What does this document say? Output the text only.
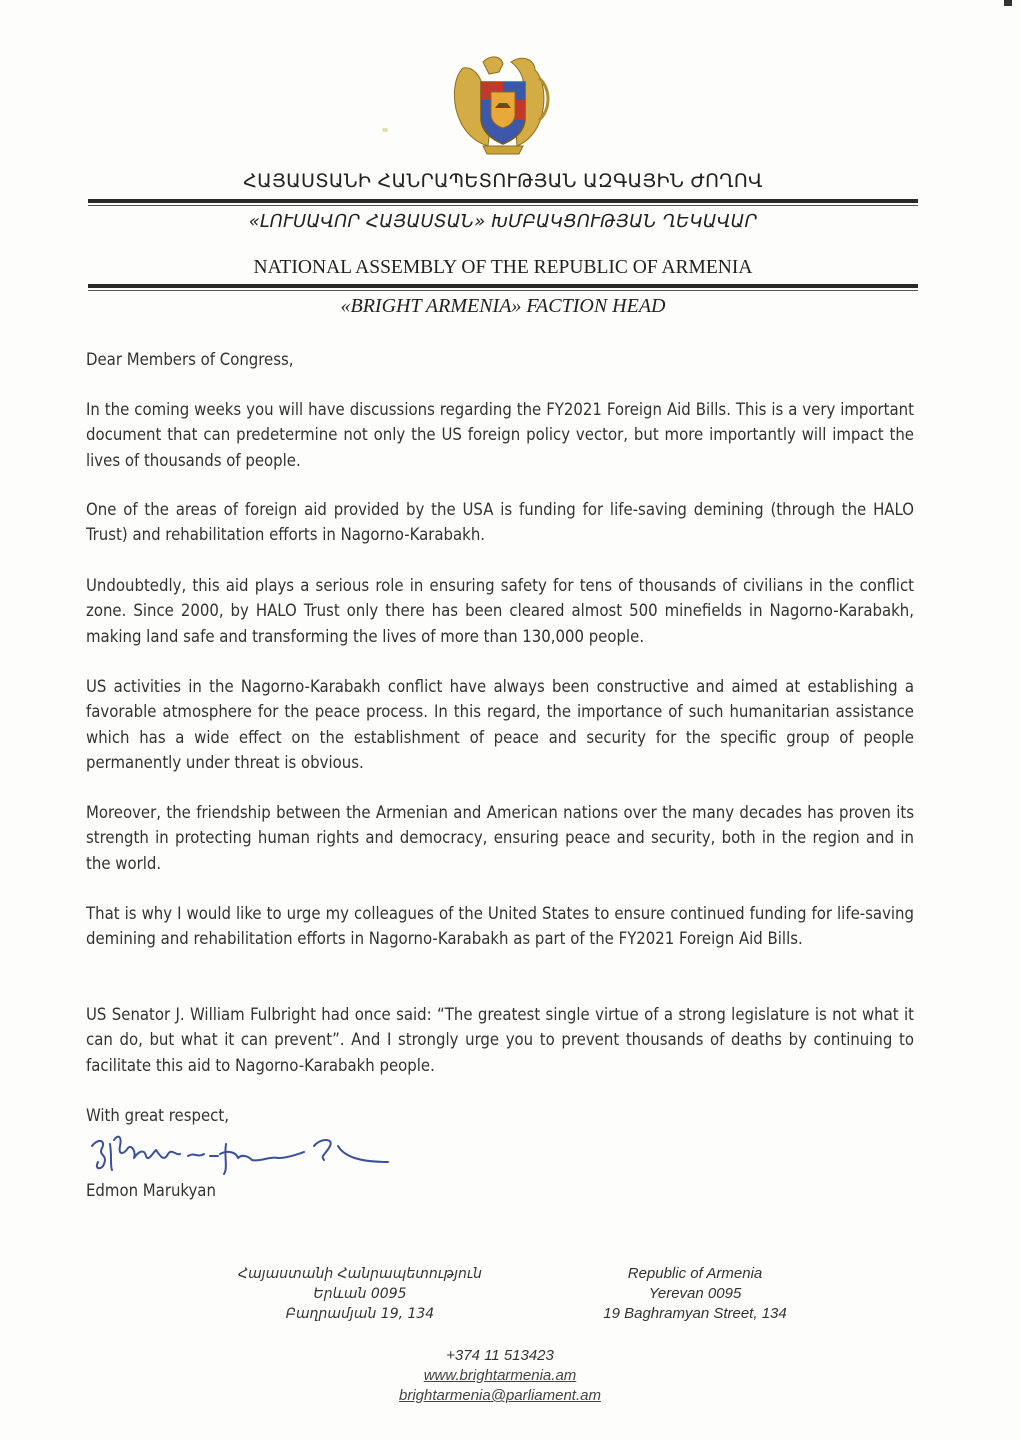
ՀԱՅԱՍՏԱՆԻ ՀԱՆՐԱՊԵՏՈՒԹՅԱՆ ԱԶԳԱՅԻՆ ԺՈՂՈՎ
«ԼՈՒՍԱՎՈՐ ՀԱՅԱՍՏԱՆ» ԽՄԲԱԿՑՈՒԹՅԱՆ ՂԵԿԱՎԱՐ
NATIONAL ASSEMBLY OF THE REPUBLIC OF ARMENIA
«BRIGHT ARMENIA» FACTION HEAD
Dear Members of Congress,
In the coming weeks you will have discussions regarding the FY2021 Foreign Aid Bills. This is a very important document that can predetermine not only the US foreign policy vector, but more importantly will impact the lives of thousands of people.
One of the areas of foreign aid provided by the USA is funding for life-saving demining (through the HALO Trust) and rehabilitation efforts in Nagorno-Karabakh.
Undoubtedly, this aid plays a serious role in ensuring safety for tens of thousands of civilians in the conflict zone. Since 2000, by HALO Trust only there has been cleared almost 500 minefields in Nagorno-Karabakh, making land safe and transforming the lives of more than 130,000 people.
US activities in the Nagorno-Karabakh conflict have always been constructive and aimed at establishing a favorable atmosphere for the peace process. In this regard, the importance of such humanitarian assistance which has a wide effect on the establishment of peace and security for the specific group of people permanently under threat is obvious.
Moreover, the friendship between the Armenian and American nations over the many decades has proven its strength in protecting human rights and democracy, ensuring peace and security, both in the region and in the world.
That is why I would like to urge my colleagues of the United States to ensure continued funding for life-saving demining and rehabilitation efforts in Nagorno-Karabakh as part of the FY2021 Foreign Aid Bills.
US Senator J. William Fulbright had once said: “The greatest single virtue of a strong legislature is not what it can do, but what it can prevent”. And I strongly urge you to prevent thousands of deaths by continuing to facilitate this aid to Nagorno-Karabakh people.
With great respect,
Edmon Marukyan
Հայաստանի Հանրապետություն
Երևան 0095
Բաղրամյան 19, 134
Republic of Armenia
Yerevan 0095
19 Baghramyan Street, 134
+374 11 513423
www.brightarmenia.am
brightarmenia@parliament.am
